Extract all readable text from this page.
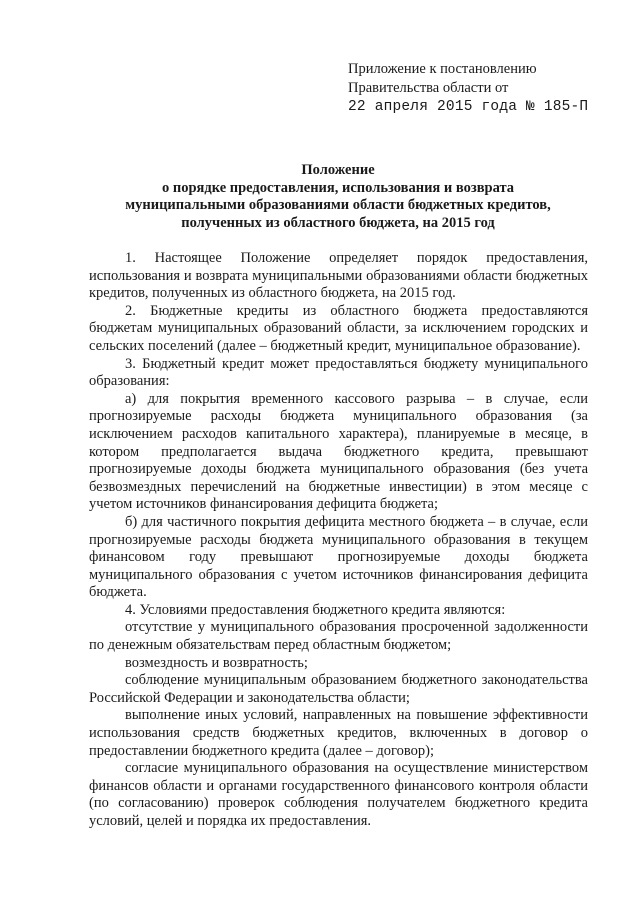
Приложение к постановлению
Правительства области от
22 апреля 2015 года № 185-П
Положение
о порядке предоставления, использования и возврата
муниципальными образованиями области бюджетных кредитов,
полученных из областного бюджета, на 2015 год

1. Настоящее Положение определяет порядок предоставления, использования и возврата муниципальными образованиями области бюджетных кредитов, полученных из областного бюджета, на 2015 год.

2. Бюджетные кредиты из областного бюджета предоставляются бюджетам муниципальных образований области, за исключением городских и сельских поселений (далее – бюджетный кредит, муниципальное образование).

3. Бюджетный кредит может предоставляться бюджету муниципального образования:

а) для покрытия временного кассового разрыва – в случае, если прогнозируемые расходы бюджета муниципального образования (за исключением расходов капитального характера), планируемые в месяце, в котором предполагается выдача бюджетного кредита, превышают прогнозируемые доходы бюджета муниципального образования (без учета безвозмездных перечислений на бюджетные инвестиции) в этом месяце с учетом источников финансирования дефицита бюджета;

б) для частичного покрытия дефицита местного бюджета – в случае, если прогнозируемые расходы бюджета муниципального образования в текущем финансовом году превышают прогнозируемые доходы бюджета муниципального образования с учетом источников финансирования дефицита бюджета.

4. Условиями предоставления бюджетного кредита являются:

отсутствие у муниципального образования просроченной задолженности по денежным обязательствам перед областным бюджетом;

возмездность и возвратность;

соблюдение муниципальным образованием бюджетного законодательства Российской Федерации и законодательства области;

выполнение иных условий, направленных на повышение эффективности использования средств бюджетных кредитов, включенных в договор о предоставлении бюджетного кредита (далее – договор);

согласие муниципального образования на осуществление министерством финансов области и органами государственного финансового контроля области (по согласованию) проверок соблюдения получателем бюджетного кредита условий, целей и порядка их предоставления.
